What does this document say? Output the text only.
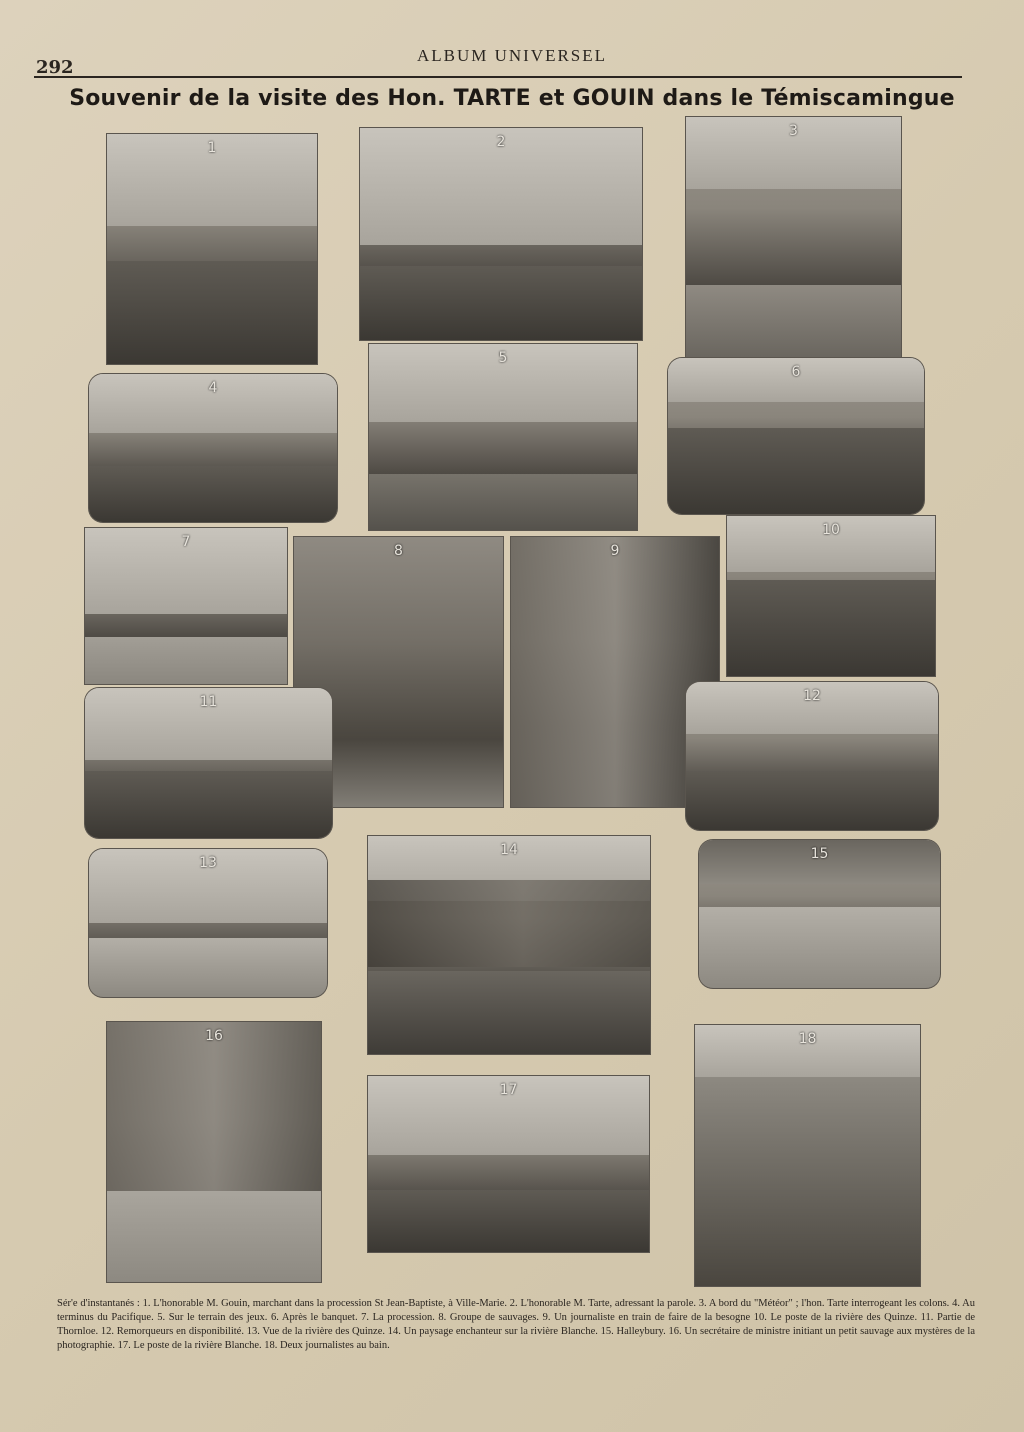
292
ALBUM UNIVERSEL
Souvenir de la visite des Hon. TARTE et GOUIN dans le Témiscamingue
1	2
3
4
5
6
7
8	9
10
11	12
13
14	15
16
17
18
Sér'e d'instantanés : 1. L'honorable M. Gouin, marchant dans la procession St Jean-Baptiste, à Ville-Marie. 2. L'honorable M. Tarte, adressant la parole. 3. A bord du "Météor" ; l'hon. Tarte interrogeant les colons. 4. Au terminus du Pacifique. 5. Sur le terrain des jeux. 6. Après le banquet. 7. La procession. 8. Groupe de sauvages. 9. Un journaliste en train de faire de la besogne 10. Le poste de la rivière des Quinze. 11. Partie de Thornloe. 12. Remorqueurs en disponibilité. 13. Vue de la rivière des Quinze. 14. Un paysage enchanteur sur la rivière Blanche. 15. Halleybury. 16. Un secrétaire de ministre initiant un petit sauvage aux mystères de la photographie. 17. Le poste de la rivière Blanche. 18. Deux journalistes au bain.
